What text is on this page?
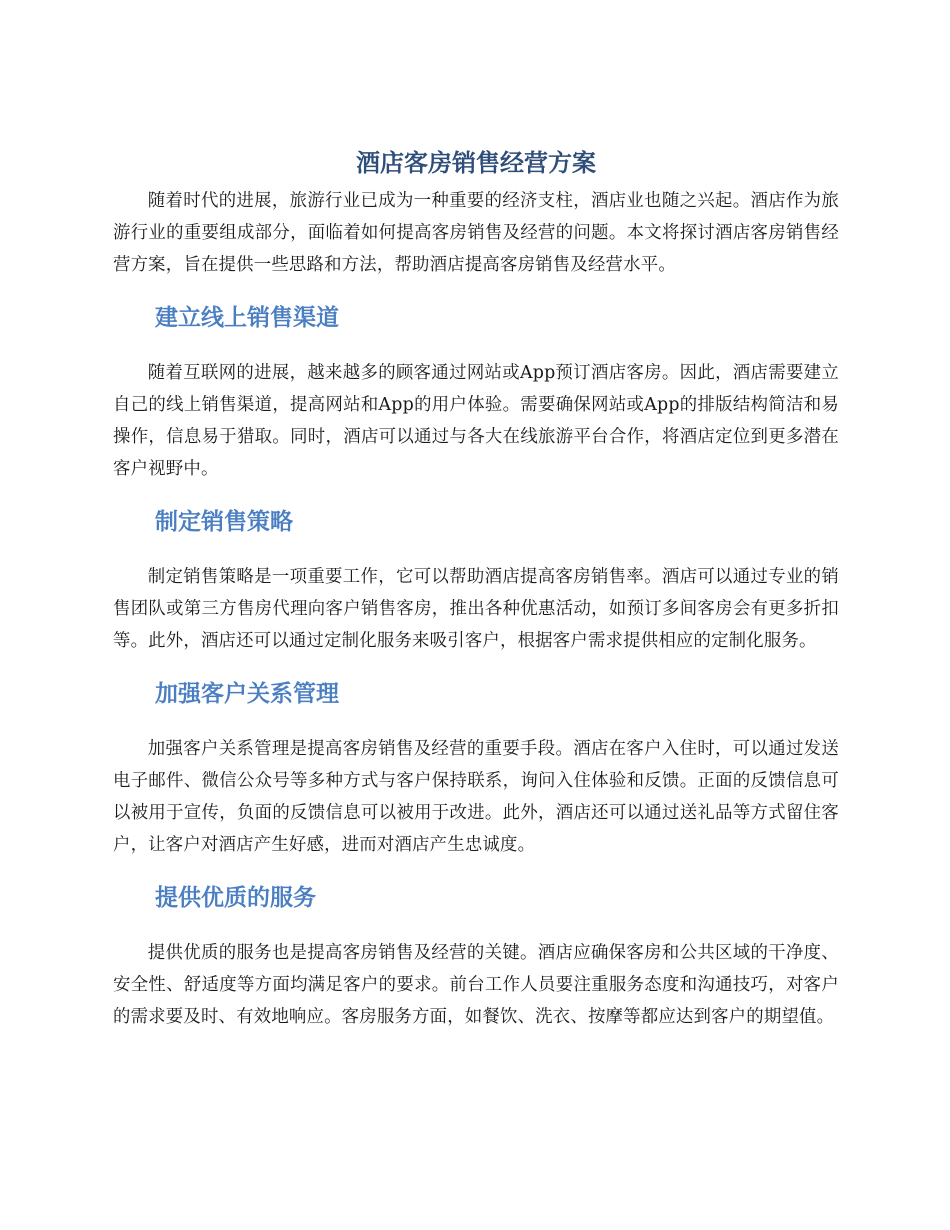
酒店客房销售经营方案

随着时代的进展，旅游行业已成为一种重要的经济支柱，酒店业也随之兴起。酒店作为旅游行业的重要组成部分，面临着如何提高客房销售及经营的问题。本文将探讨酒店客房销售经营方案，旨在提供一些思路和方法，帮助酒店提高客房销售及经营水平。

建立线上销售渠道

随着互联网的进展，越来越多的顾客通过网站或App预订酒店客房。因此，酒店需要建立自己的线上销售渠道，提高网站和App的用户体验。需要确保网站或App的排版结构简洁和易操作，信息易于猎取。同时，酒店可以通过与各大在线旅游平台合作，将酒店定位到更多潜在客户视野中。

制定销售策略

制定销售策略是一项重要工作，它可以帮助酒店提高客房销售率。酒店可以通过专业的销售团队或第三方售房代理向客户销售客房，推出各种优惠活动，如预订多间客房会有更多折扣等。此外，酒店还可以通过定制化服务来吸引客户，根据客户需求提供相应的定制化服务。

加强客户关系管理

加强客户关系管理是提高客房销售及经营的重要手段。酒店在客户入住时，可以通过发送电子邮件、微信公众号等多种方式与客户保持联系，询问入住体验和反馈。正面的反馈信息可以被用于宣传，负面的反馈信息可以被用于改进。此外，酒店还可以通过送礼品等方式留住客户，让客户对酒店产生好感，进而对酒店产生忠诚度。

提供优质的服务

提供优质的服务也是提高客房销售及经营的关键。酒店应确保客房和公共区域的干净度、安全性、舒适度等方面均满足客户的要求。前台工作人员要注重服务态度和沟通技巧，对客户的需求要及时、有效地响应。客房服务方面，如餐饮、洗衣、按摩等都应达到客户的期望值。
